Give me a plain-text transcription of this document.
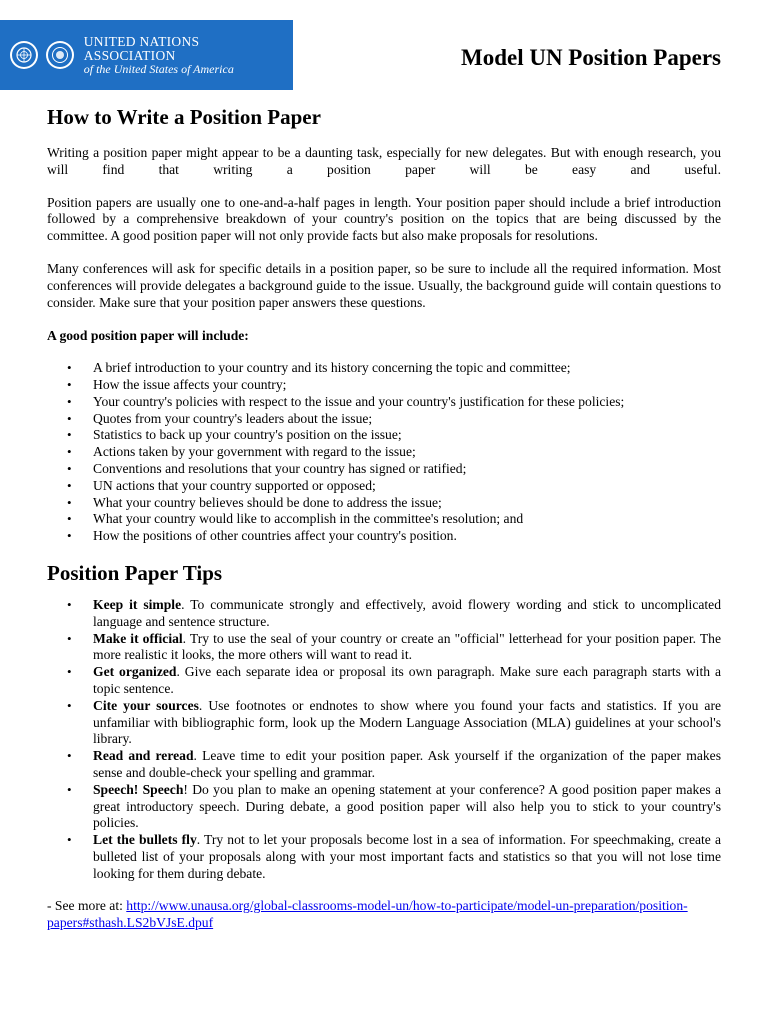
UNITED NATIONS ASSOCIATION
of the United States of America	Model UN Position Papers
How to Write a Position Paper

Writing a position paper might appear to be a daunting task, especially for new delegates. But with enough research, you will find that writing a position paper will be easy and useful.

Position papers are usually one to one-and-a-half pages in length. Your position paper should include a brief introduction followed by a comprehensive breakdown of your country's position on the topics that are being discussed by the committee. A good position paper will not only provide facts but also make proposals for resolutions.

Many conferences will ask for specific details in a position paper, so be sure to include all the required information. Most conferences will provide delegates a background guide to the issue. Usually, the background guide will contain questions to consider. Make sure that your position paper answers these questions.

A good position paper will include:

• A brief introduction to your country and its history concerning the topic and committee;
• How the issue affects your country;
• Your country's policies with respect to the issue and your country's justification for these policies;
• Quotes from your country's leaders about the issue;
• Statistics to back up your country's position on the issue;
• Actions taken by your government with regard to the issue;
• Conventions and resolutions that your country has signed or ratified;
• UN actions that your country supported or opposed;
• What your country believes should be done to address the issue;
• What your country would like to accomplish in the committee's resolution; and
• How the positions of other countries affect your country's position.
Position Paper Tips
• Keep it simple. To communicate strongly and effectively, avoid flowery wording and stick to uncomplicated language and sentence structure.
• Make it official. Try to use the seal of your country or create an "official" letterhead for your position paper. The more realistic it looks, the more others will want to read it.
• Get organized. Give each separate idea or proposal its own paragraph. Make sure each paragraph starts with a topic sentence.
• Cite your sources. Use footnotes or endnotes to show where you found your facts and statistics. If you are unfamiliar with bibliographic form, look up the Modern Language Association (MLA) guidelines at your school's library.
• Read and reread. Leave time to edit your position paper. Ask yourself if the organization of the paper makes sense and double-check your spelling and grammar.
• Speech! Speech! Do you plan to make an opening statement at your conference? A good position paper makes a great introductory speech. During debate, a good position paper will also help you to stick to your country's policies.
• Let the bullets fly. Try not to let your proposals become lost in a sea of information. For speechmaking, create a bulleted list of your proposals along with your most important facts and statistics so that you will not lose time looking for them during debate.

- See more at: http://www.unausa.org/global-classrooms-model-un/how-to-participate/model-un-preparation/position-papers#sthash.LS2bVJsE.dpuf
